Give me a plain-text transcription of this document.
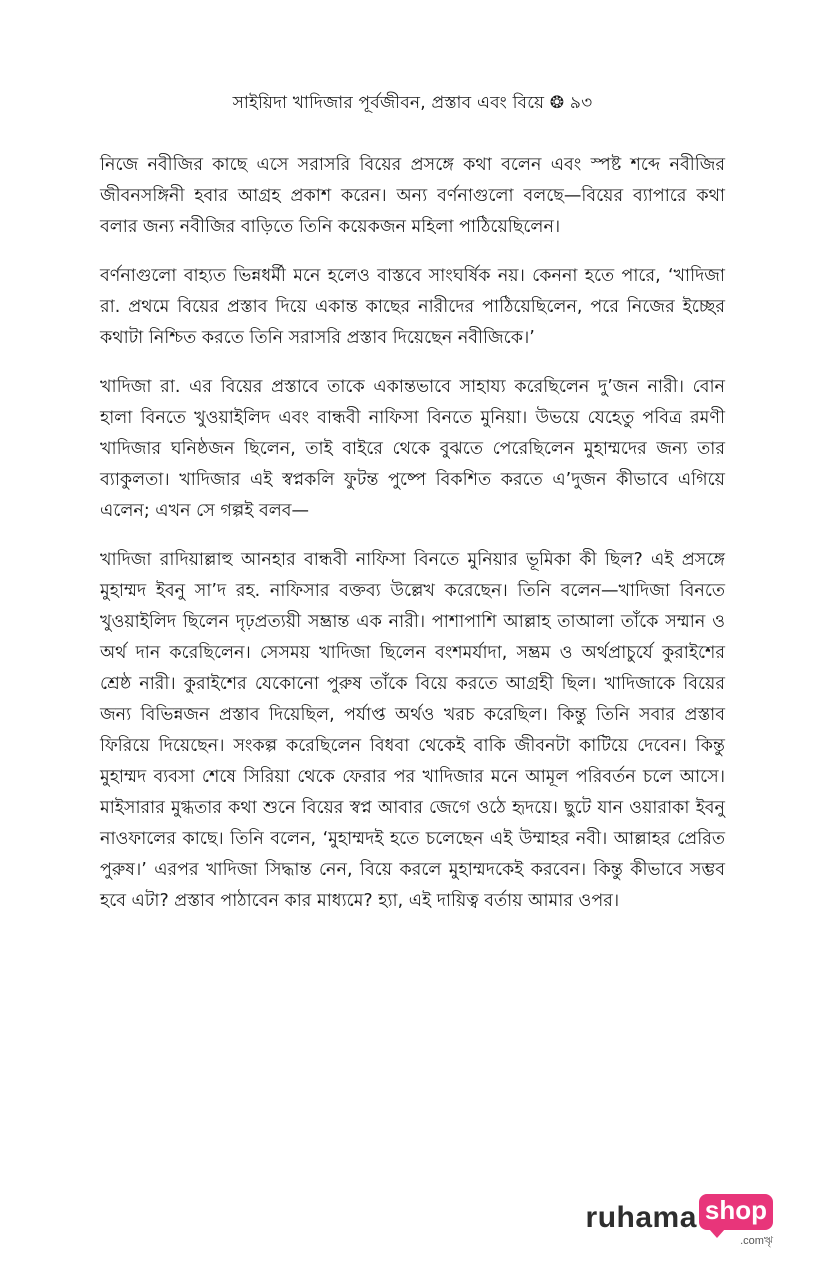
সাইয়িদা খাদিজার পূর্বজীবন, প্রস্তাব এবং বিয়ে ❂ ৯৩

নিজে নবীজির কাছে এসে সরাসরি বিয়ের প্রসঙ্গে কথা বলেন এবং স্পষ্ট শব্দে নবীজির জীবনসঙ্গিনী হবার আগ্রহ প্রকাশ করেন। অন্য বর্ণনাগুলো বলছে—বিয়ের ব্যাপারে কথা বলার জন্য নবীজির বাড়িতে তিনি কয়েকজন মহিলা পাঠিয়েছিলেন।

বর্ণনাগুলো বাহ্যত ভিন্নধর্মী মনে হলেও বাস্তবে সাংঘর্ষিক নয়। কেননা হতে পারে, ‘খাদিজা রা. প্রথমে বিয়ের প্রস্তাব দিয়ে একান্ত কাছের নারীদের পাঠিয়েছিলেন, পরে নিজের ইচ্ছের কথাটা নিশ্চিত করতে তিনি সরাসরি প্রস্তাব দিয়েছেন নবীজিকে।’

খাদিজা রা. এর বিয়ের প্রস্তাবে তাকে একান্তভাবে সাহায্য করেছিলেন দু’জন নারী। বোন হালা বিনতে খুওয়াইলিদ এবং বান্ধবী নাফিসা বিনতে মুনিয়া। উভয়ে যেহেতু পবিত্র রমণী খাদিজার ঘনিষ্ঠজন ছিলেন, তাই বাইরে থেকে বুঝতে পেরেছিলেন মুহাম্মদের জন্য তার ব্যাকুলতা। খাদিজার এই স্বপ্নকলি ফুটন্ত পুষ্পে বিকশিত করতে এ’দুজন কীভাবে এগিয়ে এলেন; এখন সে গল্পই বলব—

খাদিজা রাদিয়াল্লাহু আনহার বান্ধবী নাফিসা বিনতে মুনিয়ার ভূমিকা কী ছিল? এই প্রসঙ্গে মুহাম্মদ ইবনু সা’দ রহ. নাফিসার বক্তব্য উল্লেখ করেছেন। তিনি বলেন—খাদিজা বিনতে খুওয়াইলিদ ছিলেন দৃঢ়প্রত্যয়ী সম্ভ্রান্ত এক নারী। পাশাপাশি আল্লাহ তাআলা তাঁকে সম্মান ও অর্থ দান করেছিলেন। সেসময় খাদিজা ছিলেন বংশমর্যাদা, সম্ভ্রম ও অর্থপ্রাচুর্যে কুরাইশের শ্রেষ্ঠ নারী। কুরাইশের যেকোনো পুরুষ তাঁকে বিয়ে করতে আগ্রহী ছিল। খাদিজাকে বিয়ের জন্য বিভিন্নজন প্রস্তাব দিয়েছিল, পর্যাপ্ত অর্থও খরচ করেছিল। কিন্তু তিনি সবার প্রস্তাব ফিরিয়ে দিয়েছেন। সংকল্প করেছিলেন বিধবা থেকেই বাকি জীবনটা কাটিয়ে দেবেন। কিন্তু মুহাম্মদ ব্যবসা শেষে সিরিয়া থেকে ফেরার পর খাদিজার মনে আমূল পরিবর্তন চলে আসে। মাইসারার মুগ্ধতার কথা শুনে বিয়ের স্বপ্ন আবার জেগে ওঠে হৃদয়ে। ছুটে যান ওয়ারাকা ইবনু নাওফালের কাছে। তিনি বলেন, ‘মুহাম্মদই হতে চলেছেন এই উম্মাহর নবী। আল্লাহর প্রেরিত পুরুষ।’ এরপর খাদিজা সিদ্ধান্ত নেন, বিয়ে করলে মুহাম্মদকেই করবেন। কিন্তু কীভাবে সম্ভব হবে এটা? প্রস্তাব পাঠাবেন কার মাধ্যমে? হ্যা, এই দায়িত্ব বর্তায় আমার ওপর।

ruhama shop
.comৠ
